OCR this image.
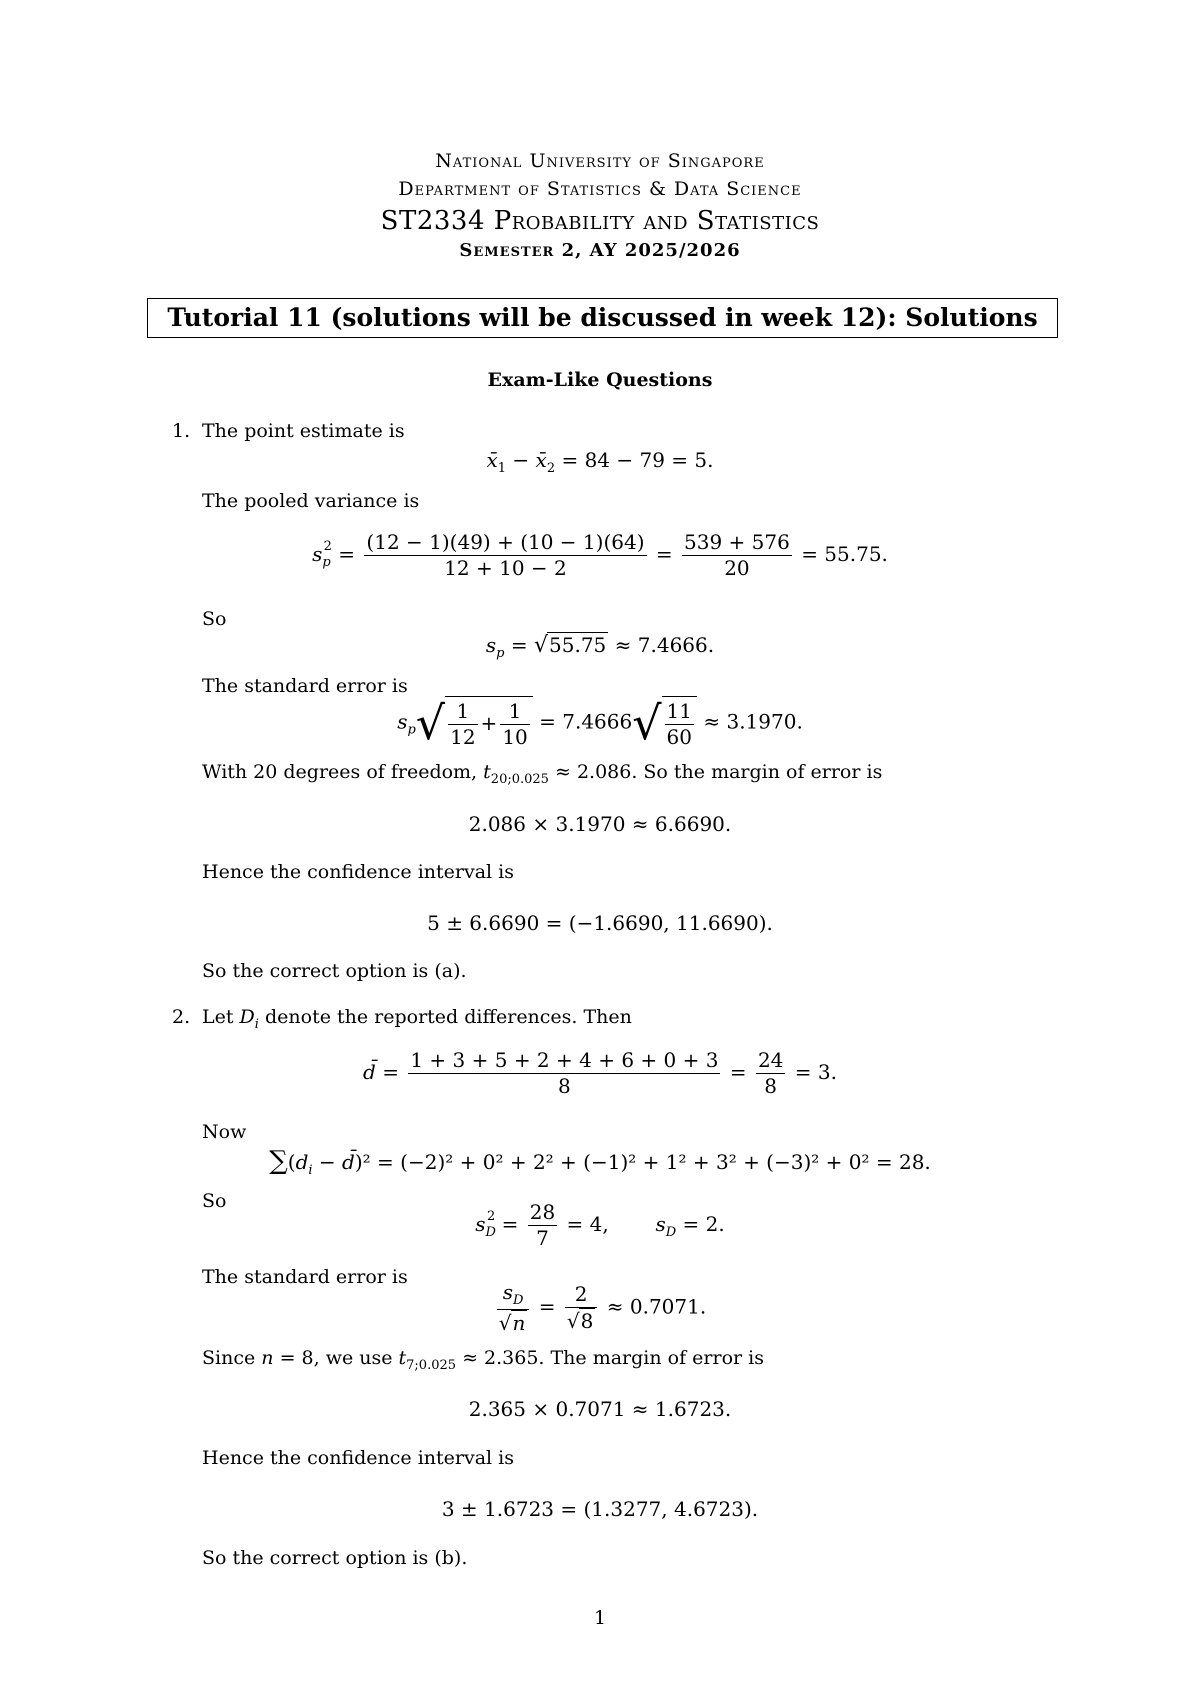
National University of Singapore
Department of Statistics & Data Science
ST2334 Probability and Statistics
Semester 2, AY 2025/2026
Tutorial 11 (solutions will be discussed in week 12): Solutions
Exam-Like Questions
1. The point estimate is
$x̄_1$ − $x̄_2 = 84 - 79 = 5$.
The pooled variance is
$s_p^2 = \frac{(12 - 1)(49) + (10 - 1)(64)}{12 + 10 - 2} = \frac{539 + 576}{20} = 55.75$.
So
$s_p = √55.75 \approx 7.4666$.
The standard error is
$s_p√ \frac{1}{12} + \frac{1}{10} = 7.4666√ \frac{11}{60} \approx 3.1970$.
With 20 degrees of freedom, $t_{20;0.025} \approx 2.086$. So the margin of error is
2.086 × 3.1970 ≈ 6.6690.
Hence the confidence interval is
5 ± 6.6690 = (−1.6690, 11.6690).
So the correct option is (a).
2. Let $D_i$ denote the reported differences. Then
d̄ = $\frac{1 + 3 + 5 + 2 + 4 + 6 + 0 + 3}{8} = \frac{24}{8} = 3$.
Now
$\sum(d_i$ − d̄)² = (−2)² + 0² + 2² + (−1)² + 1² + 3² + (−3)² + 0² = 28.
So
$s_D^2 = \frac{28}{7} = 4$, $s_D = 2$.
The standard error is
$\frac{s_D}{√n} = \frac{2}{√8} \approx 0.7071$.
Since n = 8, we use $t_{7;0.025} \approx 2.365$. The margin of error is
2.365 × 0.7071 ≈ 1.6723.
Hence the confidence interval is
3 ± 1.6723 = (1.3277, 4.6723).
So the correct option is (b).
1
